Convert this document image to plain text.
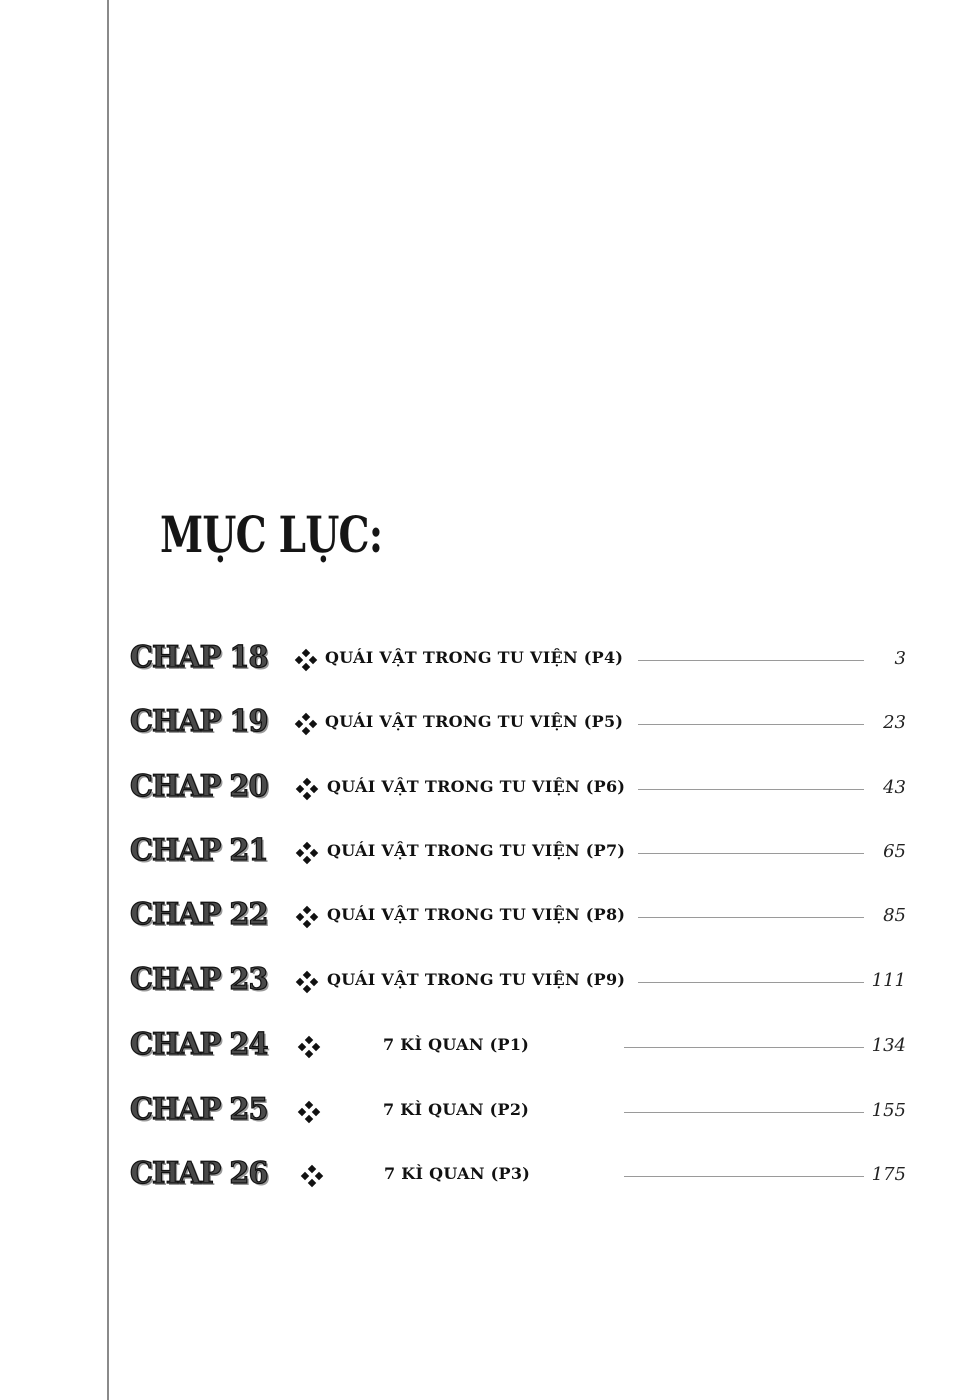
MỤC LỤC:
CHAP 18	QUÁI VẬT TRONG TU VIỆN (P4)	3
CHAP 19	QUÁI VẬT TRONG TU VIỆN (P5)	23
CHAP 20	QUÁI VẬT TRONG TU VIỆN (P6)	43
CHAP 21	QUÁI VẬT TRONG TU VIỆN (P7)	65
CHAP 22	QUÁI VẬT TRONG TU VIỆN (P8)	85
CHAP 23	QUÁI VẬT TRONG TU VIỆN (P9)	111
CHAP 24	7 KÌ QUAN (P1)	134
CHAP 25	7 KÌ QUAN (P2)	155
CHAP 26	7 KÌ QUAN (P3)	175
